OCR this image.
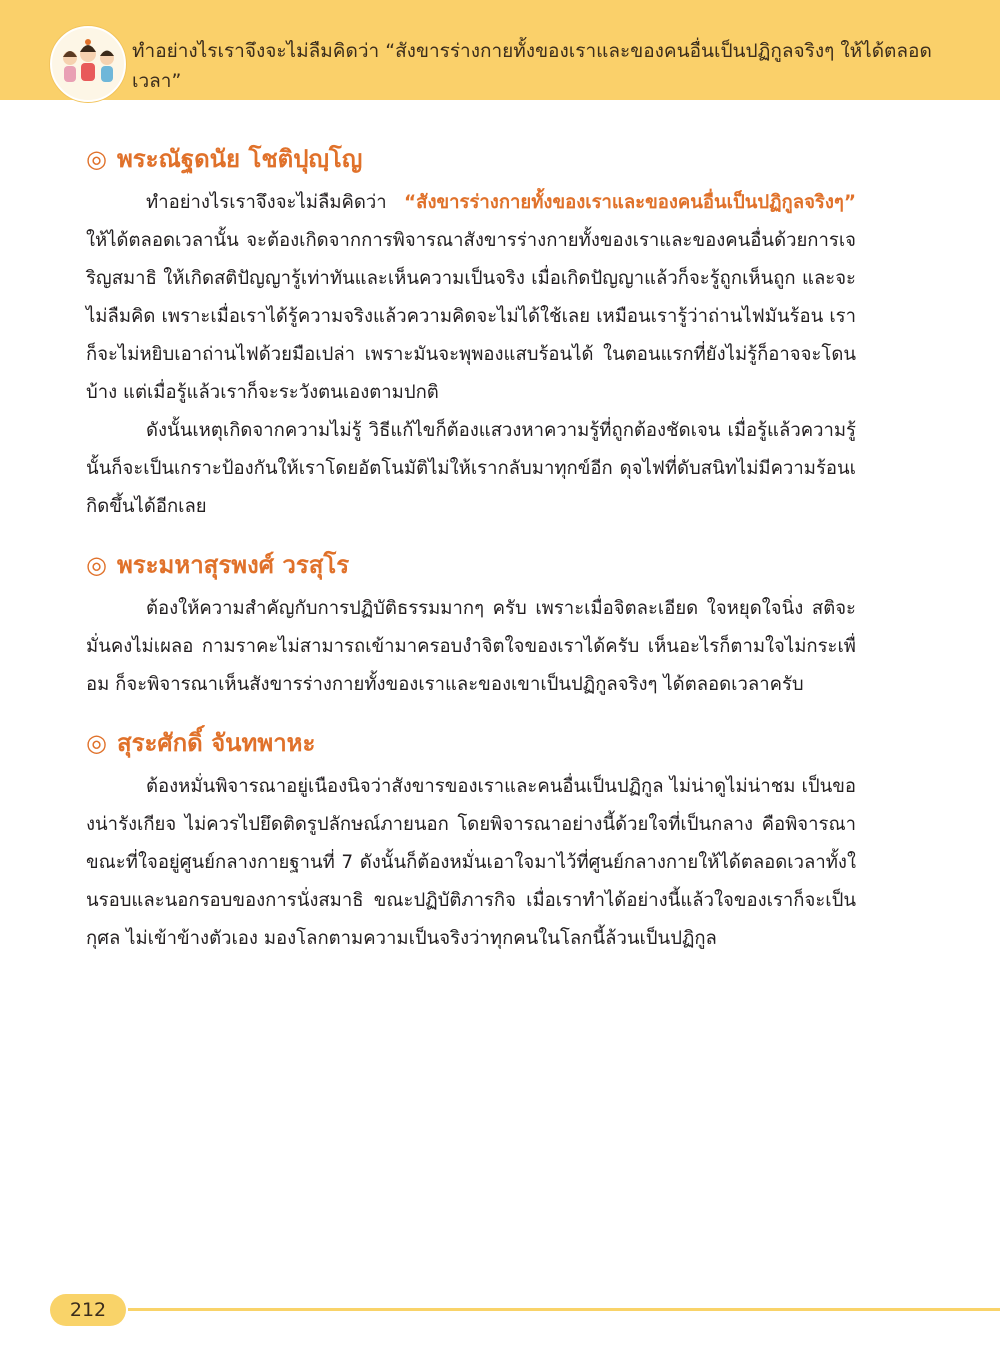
ทำอย่างไรเราจึงจะไม่ลืมคิดว่า “สังขารร่างกายทั้งของเราและของคนอื่นเป็นปฏิกูลจริงๆ ให้ได้ตลอดเวลา”
◎ พระณัฐดนัย โชติปุญฺโญ

ทำอย่างไรเราจึงจะไม่ลืมคิดว่า “สังขารร่างกายทั้งของเราและของคนอื่นเป็นปฏิกูลจริงๆ” ให้ได้ตลอดเวลานั้น จะต้องเกิดจากการพิจารณาสังขารร่างกายทั้งของเราและของคนอื่นด้วยการเจริญสมาธิ ให้เกิดสติปัญญารู้เท่าทันและเห็นความเป็นจริง เมื่อเกิดปัญญาแล้วก็จะรู้ถูกเห็นถูก และจะไม่ลืมคิด เพราะเมื่อเราได้รู้ความจริงแล้วความคิดจะไม่ได้ใช้เลย เหมือนเรารู้ว่าถ่านไฟมันร้อน เราก็จะไม่หยิบเอาถ่านไฟด้วยมือเปล่า เพราะมันจะพุพองแสบร้อนได้ ในตอนแรกที่ยังไม่รู้ก็อาจจะโดนบ้าง แต่เมื่อรู้แล้วเราก็จะระวังตนเองตามปกติ

ดังนั้นเหตุเกิดจากความไม่รู้ วิธีแก้ไขก็ต้องแสวงหาความรู้ที่ถูกต้องชัดเจน เมื่อรู้แล้วความรู้นั้นก็จะเป็นเกราะป้องกันให้เราโดยอัตโนมัติไม่ให้เรากลับมาทุกข์อีก ดุจไฟที่ดับสนิทไม่มีความร้อนเกิดขึ้นได้อีกเลย

◎ พระมหาสุรพงศ์ วรสุโร

ต้องให้ความสำคัญกับการปฏิบัติธรรมมากๆ ครับ เพราะเมื่อจิตละเอียด ใจหยุดใจนิ่ง สติจะมั่นคงไม่เผลอ กามราคะไม่สามารถเข้ามาครอบงำจิตใจของเราได้ครับ เห็นอะไรก็ตามใจไม่กระเพื่อม ก็จะพิจารณาเห็นสังขารร่างกายทั้งของเราและของเขาเป็นปฏิกูลจริงๆ ได้ตลอดเวลาครับ

◎ สุระศักดิ์ จันทพาหะ

ต้องหมั่นพิจารณาอยู่เนืองนิจว่าสังขารของเราและคนอื่นเป็นปฏิกูล ไม่น่าดูไม่น่าชม เป็นของน่ารังเกียจ ไม่ควรไปยึดติดรูปลักษณ์ภายนอก โดยพิจารณาอย่างนี้ด้วยใจที่เป็นกลาง คือพิจารณาขณะที่ใจอยู่ศูนย์กลางกายฐานที่ 7 ดังนั้นก็ต้องหมั่นเอาใจมาไว้ที่ศูนย์กลางกายให้ได้ตลอดเวลาทั้งในรอบและนอกรอบของการนั่งสมาธิ ขณะปฏิบัติภารกิจ เมื่อเราทำได้อย่างนี้แล้วใจของเราก็จะเป็นกุศล ไม่เข้าข้างตัวเอง มองโลกตามความเป็นจริงว่าทุกคนในโลกนี้ล้วนเป็นปฏิกูล

212
